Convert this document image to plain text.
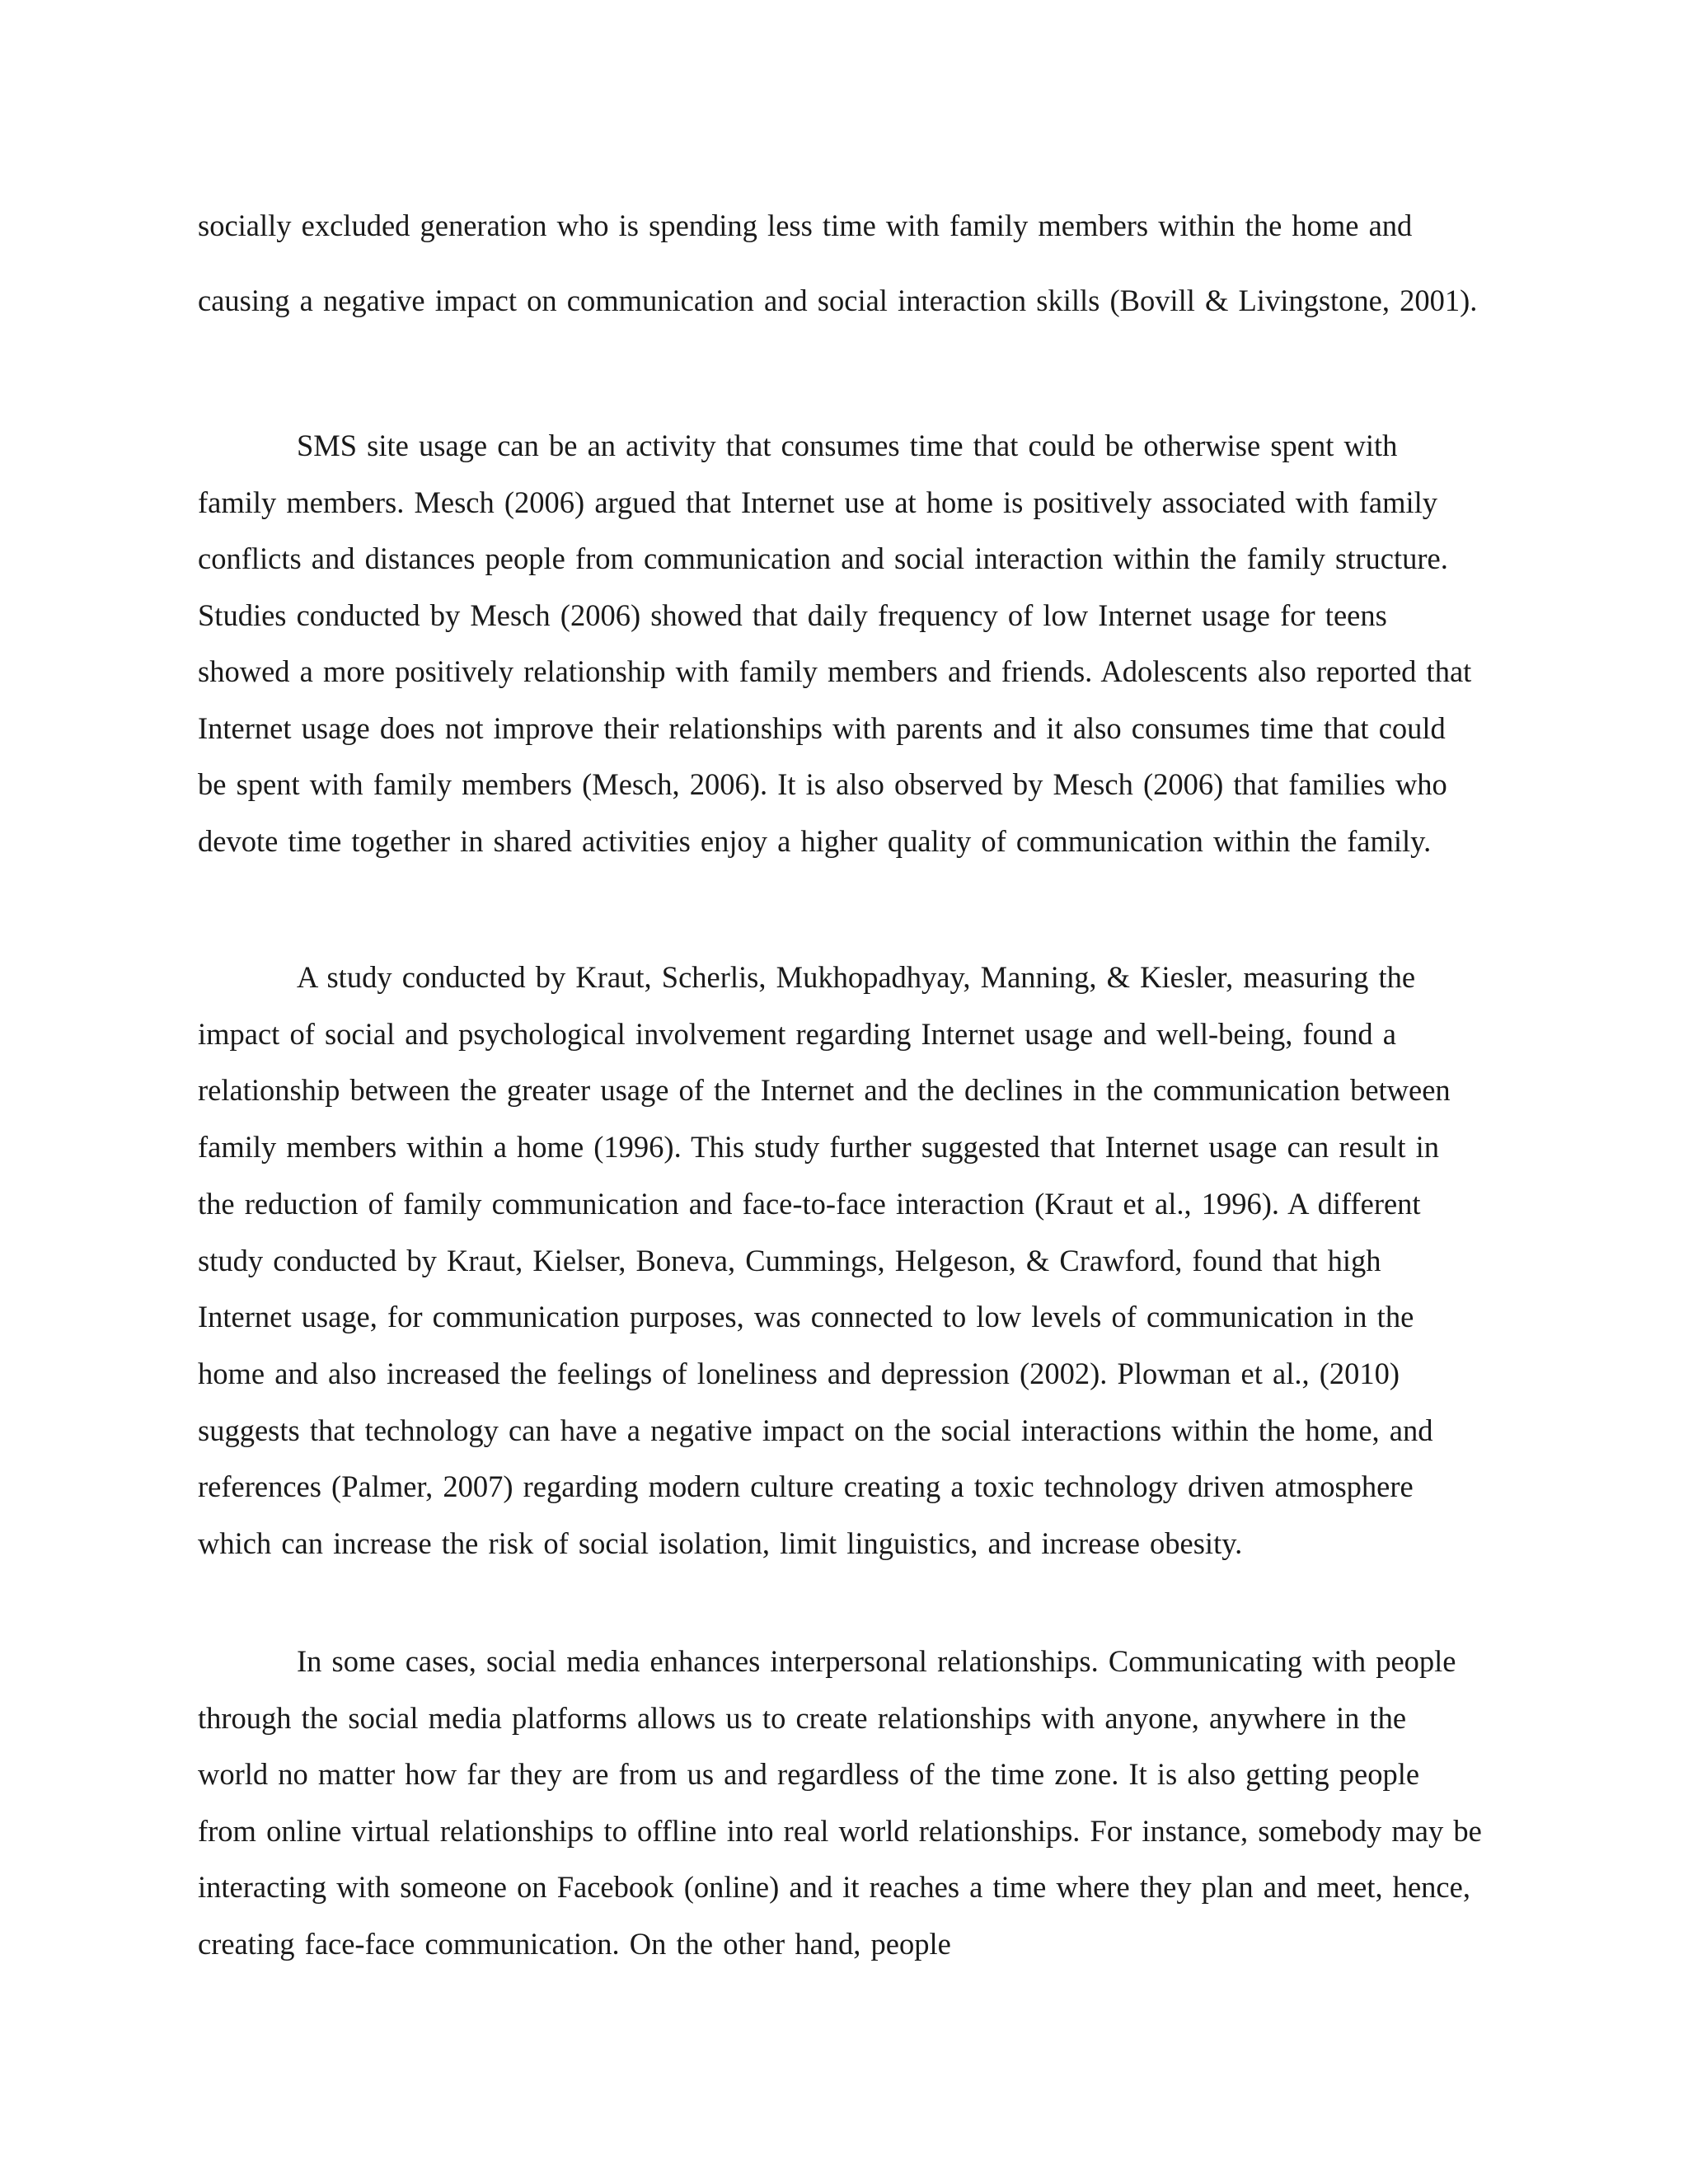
socially excluded generation who is spending less time with family members within the home and causing a negative impact on communication and social interaction skills (Bovill & Livingstone, 2001).

SMS site usage can be an activity that consumes time that could be otherwise spent with family members. Mesch (2006) argued that Internet use at home is positively associated with family conflicts and distances people from communication and social interaction within the family structure. Studies conducted by Mesch (2006) showed that daily frequency of low Internet usage for teens showed a more positively relationship with family members and friends. Adolescents also reported that Internet usage does not improve their relationships with parents and it also consumes time that could be spent with family members (Mesch, 2006). It is also observed by Mesch (2006) that families who devote time together in shared activities enjoy a higher quality of communication within the family.

A study conducted by Kraut, Scherlis, Mukhopadhyay, Manning, & Kiesler, measuring the impact of social and psychological involvement regarding Internet usage and well-being, found a relationship between the greater usage of the Internet and the declines in the communication between family members within a home (1996). This study further suggested that Internet usage can result in the reduction of family communication and face-to-face interaction (Kraut et al., 1996). A different study conducted by Kraut, Kielser, Boneva, Cummings, Helgeson, & Crawford, found that high Internet usage, for communication purposes, was connected to low levels of communication in the home and also increased the feelings of loneliness and depression (2002). Plowman et al., (2010) suggests that technology can have a negative impact on the social interactions within the home, and references (Palmer, 2007) regarding modern culture creating a toxic technology driven atmosphere which can increase the risk of social isolation, limit linguistics, and increase obesity.

In some cases, social media enhances interpersonal relationships. Communicating with people through the social media platforms allows us to create relationships with anyone, anywhere in the world no matter how far they are from us and regardless of the time zone. It is also getting people from online virtual relationships to offline into real world relationships. For instance, somebody may be interacting with someone on Facebook (online) and it reaches a time where they plan and meet, hence, creating face-face communication. On the other hand, people
